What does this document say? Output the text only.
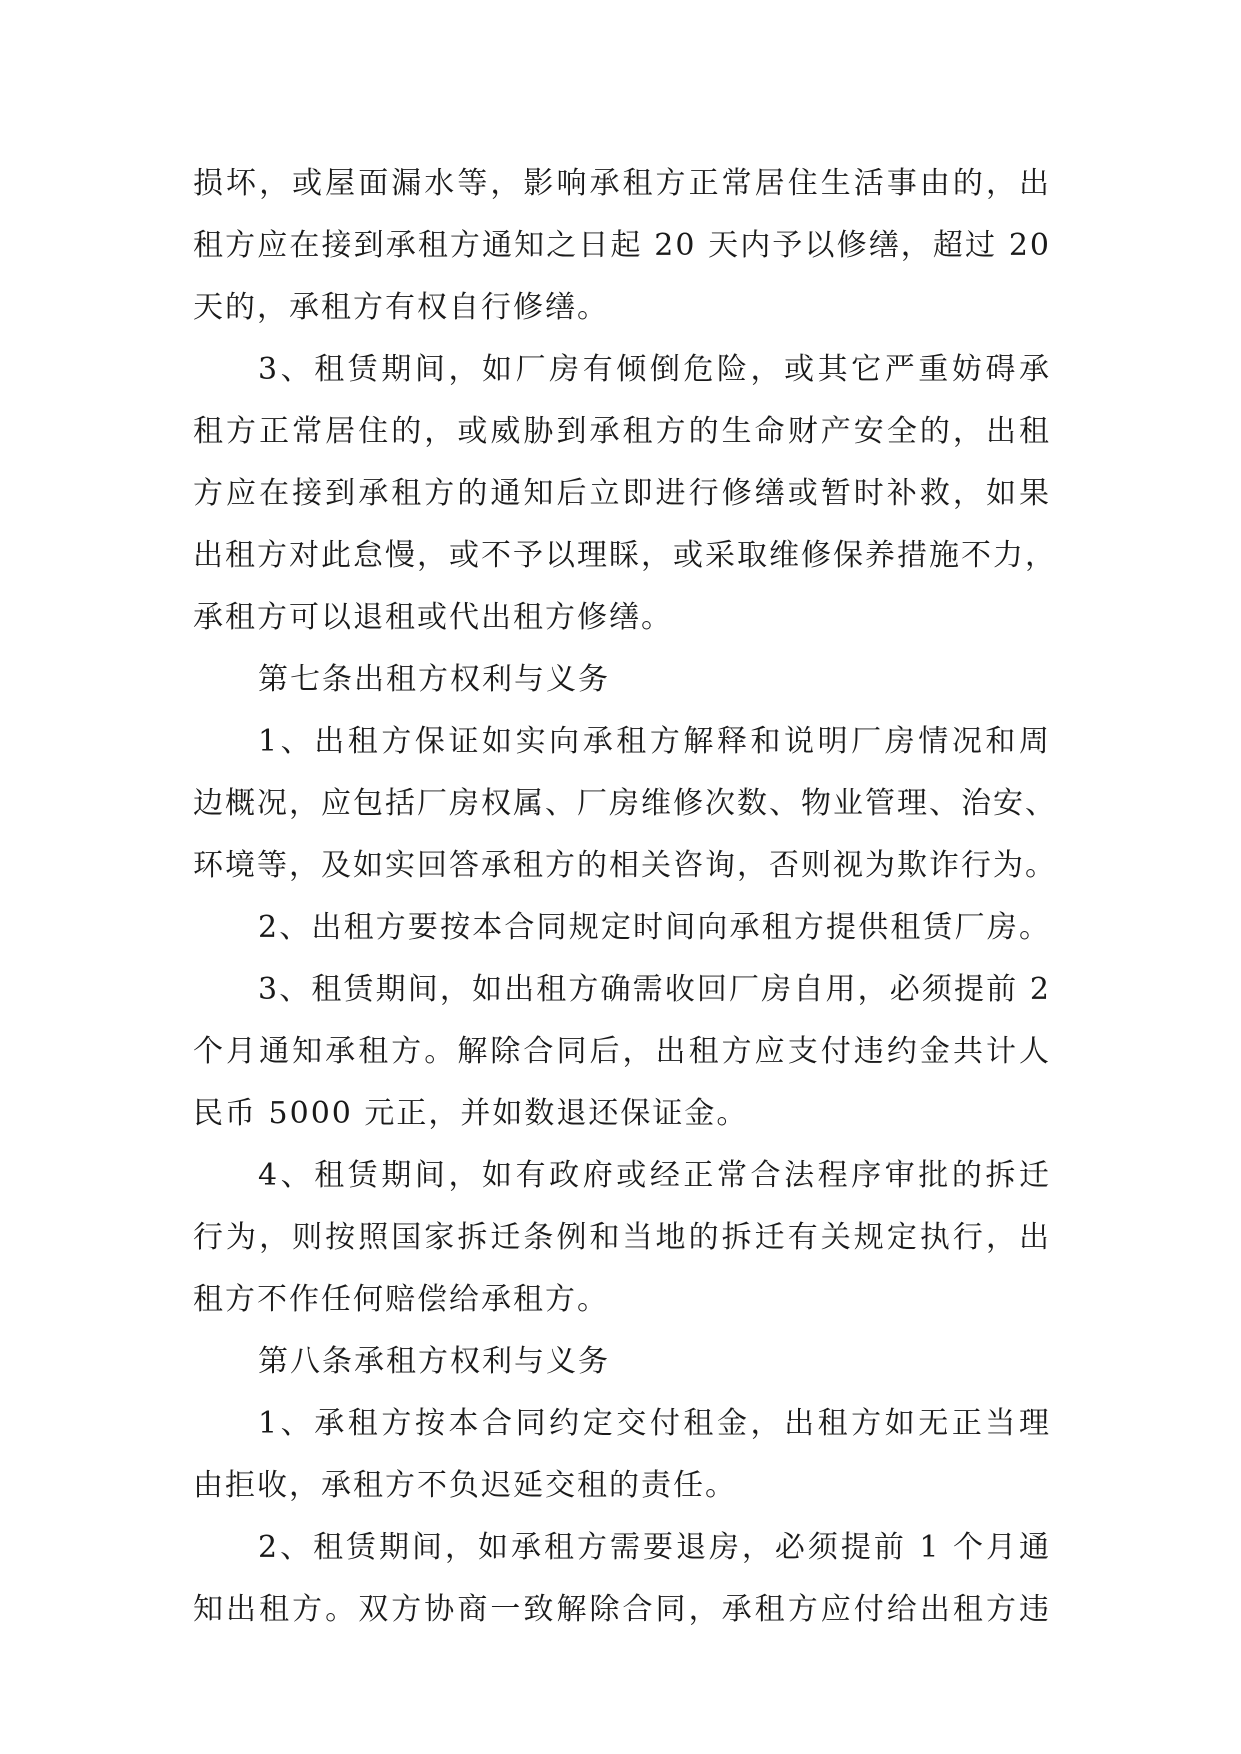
损坏，或屋面漏水等，影响承租方正常居住生活事由的，出
租方应在接到承租方通知之日起 20 天内予以修缮，超过 20
天的，承租方有权自行修缮。
3、租赁期间，如厂房有倾倒危险，或其它严重妨碍承
租方正常居住的，或威胁到承租方的生命财产安全的，出租
方应在接到承租方的通知后立即进行修缮或暂时补救，如果
出租方对此怠慢，或不予以理睬，或采取维修保养措施不力，
承租方可以退租或代出租方修缮。
第七条出租方权利与义务
1、出租方保证如实向承租方解释和说明厂房情况和周
边概况，应包括厂房权属、厂房维修次数、物业管理、治安、
环境等，及如实回答承租方的相关咨询，否则视为欺诈行为。
2、出租方要按本合同规定时间向承租方提供租赁厂房。
3、租赁期间，如出租方确需收回厂房自用，必须提前 2
个月通知承租方。解除合同后，出租方应支付违约金共计人
民币 5000 元正，并如数退还保证金。
4、租赁期间，如有政府或经正常合法程序审批的拆迁
行为，则按照国家拆迁条例和当地的拆迁有关规定执行，出
租方不作任何赔偿给承租方。
第八条承租方权利与义务
1、承租方按本合同约定交付租金，出租方如无正当理
由拒收，承租方不负迟延交租的责任。
2、租赁期间，如承租方需要退房，必须提前 1 个月通
知出租方。双方协商一致解除合同，承租方应付给出租方违
